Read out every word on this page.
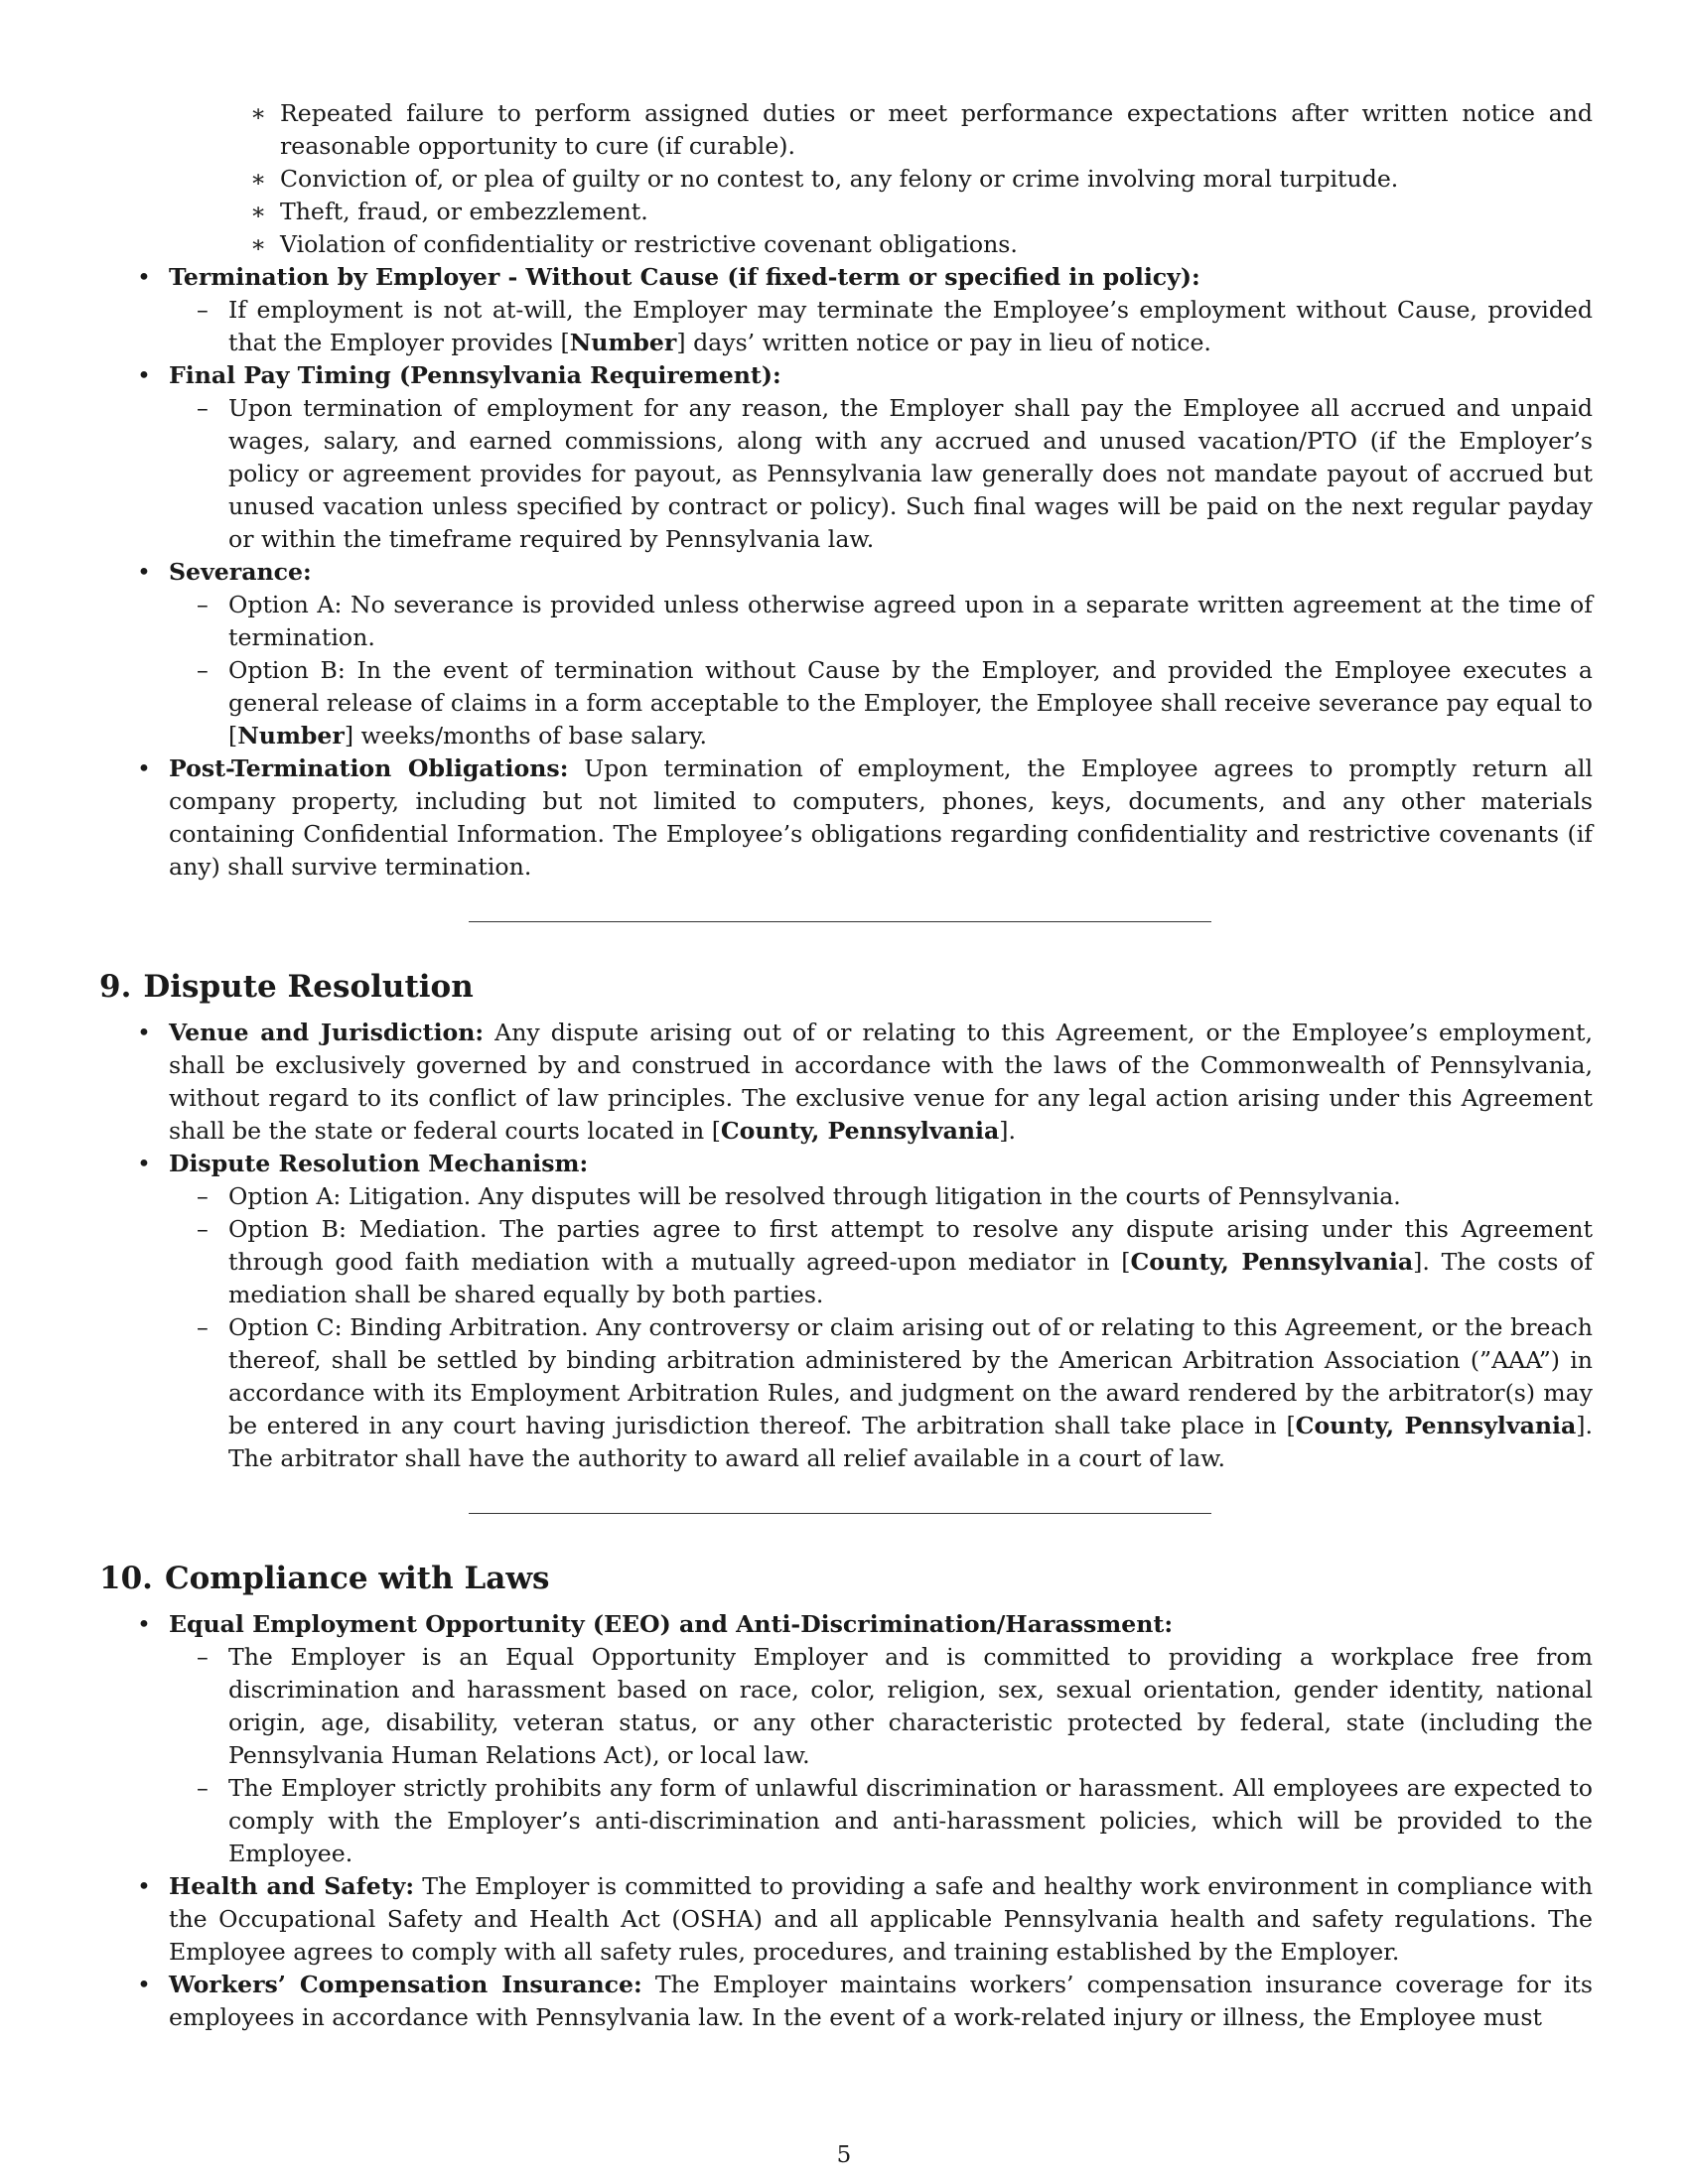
∗ Repeated failure to perform assigned duties or meet performance expectations after written notice and reasonable opportunity to cure (if curable).
∗ Conviction of, or plea of guilty or no contest to, any felony or crime involving moral turpitude.
∗ Theft, fraud, or embezzlement.
∗ Violation of confidentiality or restrictive covenant obligations.
• Termination by Employer - Without Cause (if fixed-term or specified in policy):
– If employment is not at-will, the Employer may terminate the Employee’s employment without Cause, provided that the Employer provides [Number] days’ written notice or pay in lieu of notice.
• Final Pay Timing (Pennsylvania Requirement):
– Upon termination of employment for any reason, the Employer shall pay the Employee all accrued and unpaid wages, salary, and earned commissions, along with any accrued and unused vacation/PTO (if the Employer’s policy or agreement provides for payout, as Pennsylvania law generally does not mandate payout of accrued but unused vacation unless specified by contract or policy). Such final wages will be paid on the next regular payday or within the timeframe required by Pennsylvania law.
• Severance:
– Option A: No severance is provided unless otherwise agreed upon in a separate written agreement at the time of termination.
– Option B: In the event of termination without Cause by the Employer, and provided the Employee executes a general release of claims in a form acceptable to the Employer, the Employee shall receive severance pay equal to [Number] weeks/months of base salary.
• Post-Termination Obligations: Upon termination of employment, the Employee agrees to promptly return all company property, including but not limited to computers, phones, keys, documents, and any other materials containing Confidential Information. The Employee’s obligations regarding confidentiality and restrictive covenants (if any) shall survive termination.
9. Dispute Resolution
• Venue and Jurisdiction: Any dispute arising out of or relating to this Agreement, or the Employee’s employment, shall be exclusively governed by and construed in accordance with the laws of the Commonwealth of Pennsylvania, without regard to its conflict of law principles. The exclusive venue for any legal action arising under this Agreement shall be the state or federal courts located in [County, Pennsylvania].
• Dispute Resolution Mechanism:
– Option A: Litigation. Any disputes will be resolved through litigation in the courts of Pennsylvania.
– Option B: Mediation. The parties agree to first attempt to resolve any dispute arising under this Agreement through good faith mediation with a mutually agreed-upon mediator in [County, Pennsylvania]. The costs of mediation shall be shared equally by both parties.
– Option C: Binding Arbitration. Any controversy or claim arising out of or relating to this Agreement, or the breach thereof, shall be settled by binding arbitration administered by the American Arbitration Association (”AAA”) in accordance with its Employment Arbitration Rules, and judgment on the award rendered by the arbitrator(s) may be entered in any court having jurisdiction thereof. The arbitration shall take place in [County, Pennsylvania]. The arbitrator shall have the authority to award all relief available in a court of law.
10. Compliance with Laws
• Equal Employment Opportunity (EEO) and Anti-Discrimination/Harassment:
– The Employer is an Equal Opportunity Employer and is committed to providing a workplace free from discrimination and harassment based on race, color, religion, sex, sexual orientation, gender identity, national origin, age, disability, veteran status, or any other characteristic protected by federal, state (including the Pennsylvania Human Relations Act), or local law.
– The Employer strictly prohibits any form of unlawful discrimination or harassment. All employees are expected to comply with the Employer’s anti-discrimination and anti-harassment policies, which will be provided to the Employee.
• Health and Safety: The Employer is committed to providing a safe and healthy work environment in compliance with the Occupational Safety and Health Act (OSHA) and all applicable Pennsylvania health and safety regulations. The Employee agrees to comply with all safety rules, procedures, and training established by the Employer.
• Workers’ Compensation Insurance: The Employer maintains workers’ compensation insurance coverage for its employees in accordance with Pennsylvania law. In the event of a work-related injury or illness, the Employee must
5
